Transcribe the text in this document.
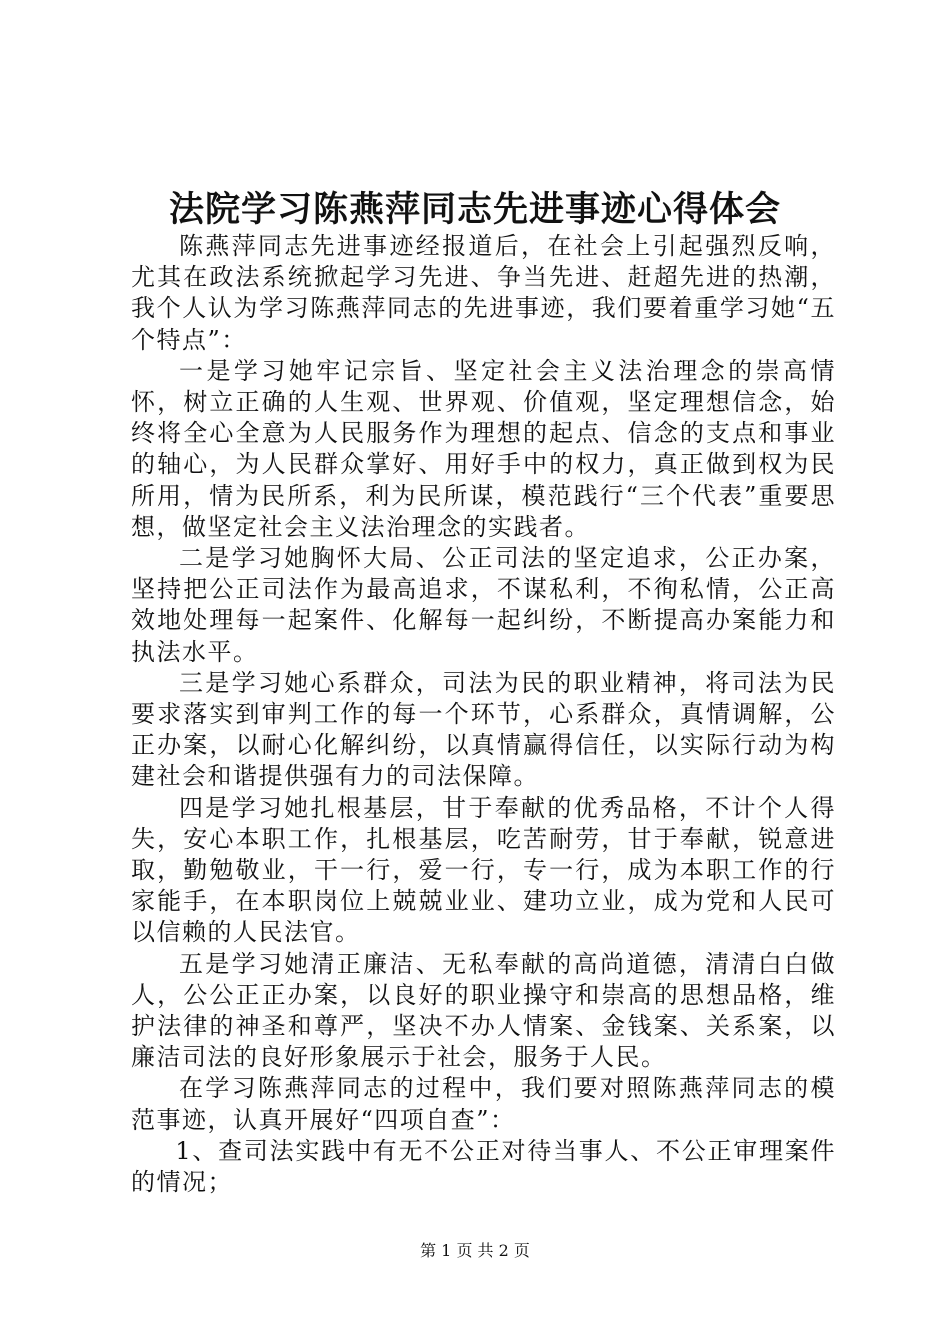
法院学习陈燕萍同志先进事迹心得体会

陈燕萍同志先进事迹经报道后，在社会上引起强烈反响，尤其在政法系统掀起学习先进、争当先进、赶超先进的热潮，我个人认为学习陈燕萍同志的先进事迹，我们要着重学习她“五个特点”：

一是学习她牢记宗旨、坚定社会主义法治理念的崇高情怀，树立正确的人生观、世界观、价值观，坚定理想信念，始终将全心全意为人民服务作为理想的起点、信念的支点和事业的轴心，为人民群众掌好、用好手中的权力，真正做到权为民所用，情为民所系，利为民所谋，模范践行“三个代表”重要思想，做坚定社会主义法治理念的实践者。

二是学习她胸怀大局、公正司法的坚定追求，公正办案，坚持把公正司法作为最高追求，不谋私利，不徇私情，公正高效地处理每一起案件、化解每一起纠纷，不断提高办案能力和执法水平。

三是学习她心系群众，司法为民的职业精神，将司法为民要求落实到审判工作的每一个环节，心系群众，真情调解，公正办案，以耐心化解纠纷，以真情赢得信任，以实际行动为构建社会和谐提供强有力的司法保障。

四是学习她扎根基层，甘于奉献的优秀品格，不计个人得失，安心本职工作，扎根基层，吃苦耐劳，甘于奉献，锐意进取，勤勉敬业，干一行，爱一行，专一行，成为本职工作的行家能手，在本职岗位上兢兢业业、建功立业，成为党和人民可以信赖的人民法官。

五是学习她清正廉洁、无私奉献的高尚道德，清清白白做人，公公正正办案，以良好的职业操守和崇高的思想品格，维护法律的神圣和尊严，坚决不办人情案、金钱案、关系案，以廉洁司法的良好形象展示于社会，服务于人民。

在学习陈燕萍同志的过程中，我们要对照陈燕萍同志的模范事迹，认真开展好“四项自查”：

1、查司法实践中有无不公正对待当事人、不公正审理案件的情况；

第 1 页 共 2 页
